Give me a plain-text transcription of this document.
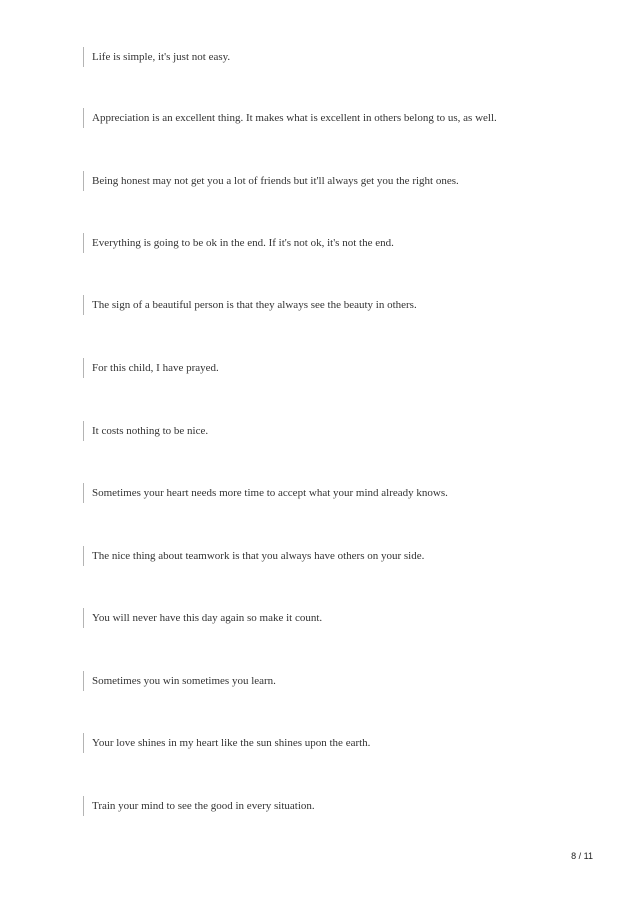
Life is simple, it's just not easy.
Appreciation is an excellent thing. It makes what is excellent in others belong to us, as well.
Being honest may not get you a lot of friends but it'll always get you the right ones.
Everything is going to be ok in the end. If it's not ok, it's not the end.
The sign of a beautiful person is that they always see the beauty in others.
For this child, I have prayed.
It costs nothing to be nice.
Sometimes your heart needs more time to accept what your mind already knows.
The nice thing about teamwork is that you always have others on your side.
You will never have this day again so make it count.
Sometimes you win sometimes you learn.
Your love shines in my heart like the sun shines upon the earth.
Train your mind to see the good in every situation.
8 / 11
